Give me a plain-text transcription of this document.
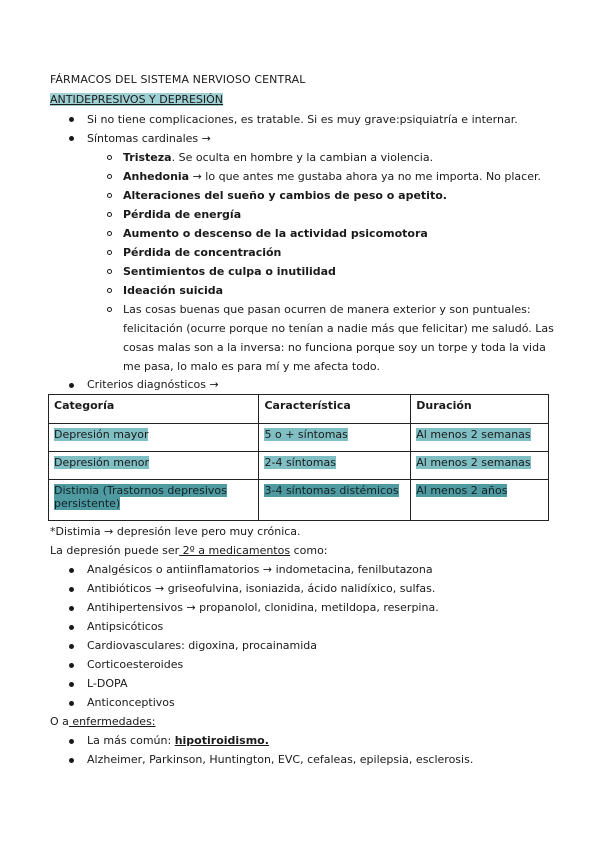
FÁRMACOS DEL SISTEMA NERVIOSO CENTRAL
ANTIDEPRESIVOS Y DEPRESIÓN
Si no tiene complicaciones, es tratable. Si es muy grave:psiquiatría e internar.
Síntomas cardinales →
Tristeza. Se oculta en hombre y la cambian a violencia.
Anhedonia → lo que antes me gustaba ahora ya no me importa. No placer.
Alteraciones del sueño y cambios de peso o apetito.
Pérdida de energía
Aumento o descenso de la actividad psicomotora
Pérdida de concentración
Sentimientos de culpa o inutilidad
Ideación suicida
Las cosas buenas que pasan ocurren de manera exterior y son puntuales:
felicitación (ocurre porque no tenían a nadie más que felicitar) me saludó. Las
cosas malas son a la inversa: no funciona porque soy un torpe y toda la vida
me pasa, lo malo es para mí y me afecta todo.
Criterios diagnósticos →
Categoría	Característica	Duración
Depresión mayor	5 o + síntomas	Al menos 2 semanas
Depresión menor	2-4 síntomas	Al menos 2 semanas
Distimia (Trastornos depresivos persistente)	3-4 síntomas distémicos	Al menos 2 años
*Distimia → depresión leve pero muy crónica.
La depresión puede ser 2º a medicamentos como:
Analgésicos o antiinflamatorios → indometacina, fenilbutazona
Antibióticos → griseofulvina, isoniazida, ácido nalidíxico, sulfas.
Antihipertensivos → propanolol, clonidina, metildopa, reserpina.
Antipsicóticos
Cardiovasculares: digoxina, procainamida
Corticoesteroides
L-DOPA
Anticonceptivos
O a enfermedades:
La más común: hipotiroidismo.
Alzheimer, Parkinson, Huntington, EVC, cefaleas, epilepsia, esclerosis.
